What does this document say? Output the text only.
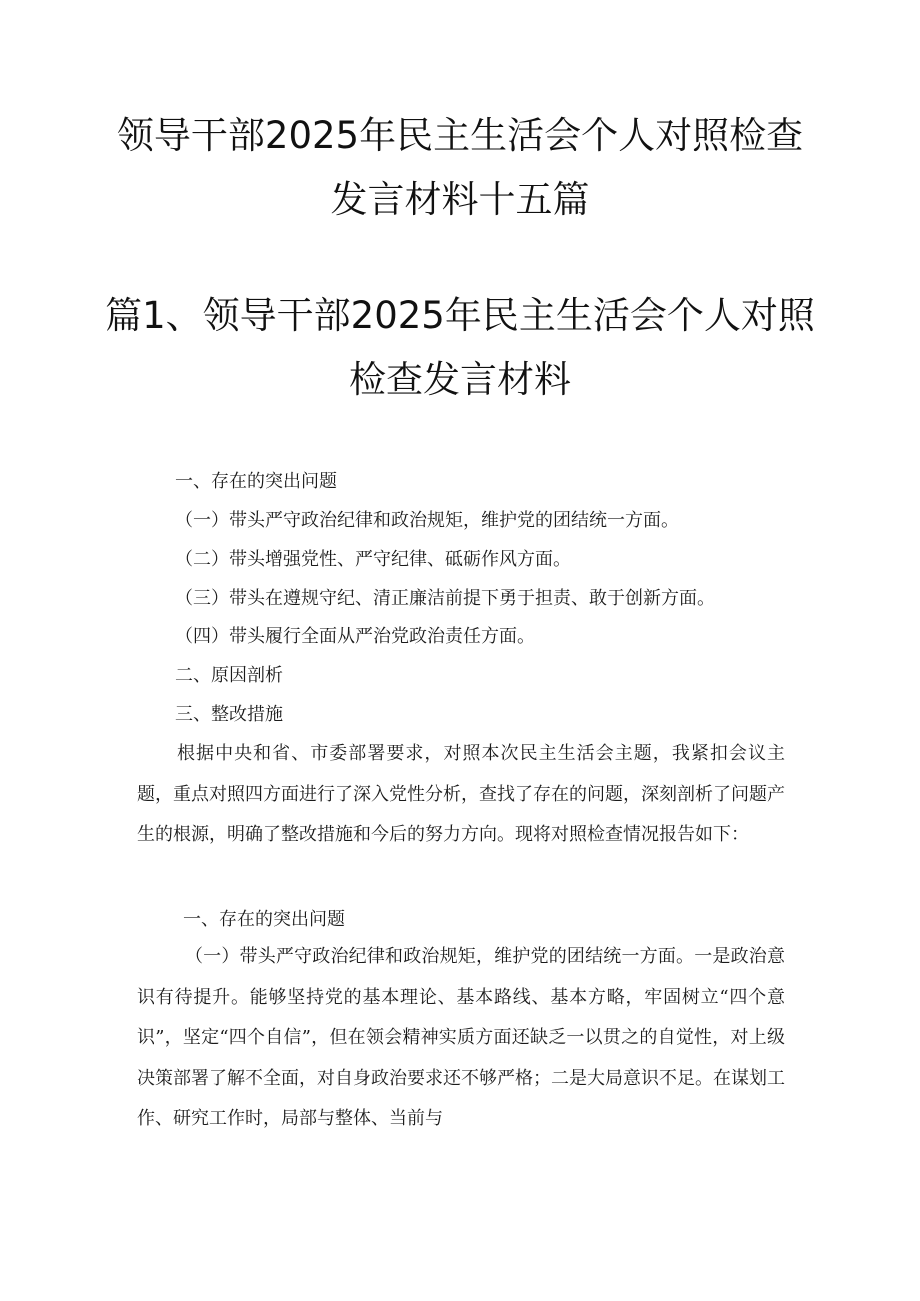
领导干部2025年民主生活会个人对照检查
发言材料十五篇
篇1、领导干部2025年民主生活会个人对照
检查发言材料

一、存在的突出问题

（一）带头严守政治纪律和政治规矩，维护党的团结统一方面。

（二）带头增强党性、严守纪律、砥砺作风方面。

（三）带头在遵规守纪、清正廉洁前提下勇于担责、敢于创新方面。

（四）带头履行全面从严治党政治责任方面。

二、原因剖析

三、整改措施

根据中央和省、市委部署要求，对照本次民主生活会主题，我紧扣会议主题，重点对照四方面进行了深入党性分析，查找了存在的问题，深刻剖析了问题产生的根源，明确了整改措施和今后的努力方向。现将对照检查情况报告如下：

一、存在的突出问题

（一）带头严守政治纪律和政治规矩，维护党的团结统一方面。一是政治意识有待提升。能够坚持党的基本理论、基本路线、基本方略，牢固树立“四个意识”，坚定“四个自信”，但在领会精神实质方面还缺乏一以贯之的自觉性，对上级决策部署了解不全面，对自身政治要求还不够严格；二是大局意识不足。在谋划工作、研究工作时，局部与整体、当前与
